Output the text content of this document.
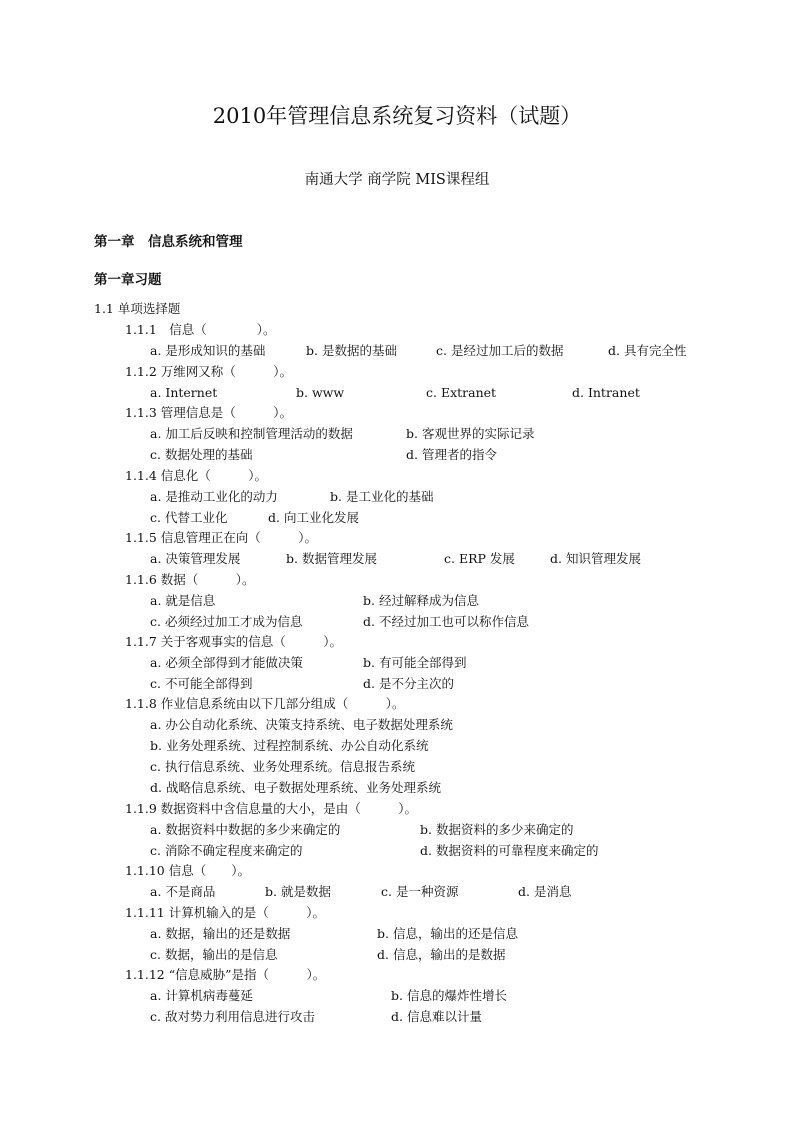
2010年管理信息系统复习资料（试题）
南通大学 商学院 MIS课程组
第一章　信息系统和管理
第一章习题
1.1 单项选择题
1.1.1　信息（　　　　）。
a. 是形成知识的基础	b. 是数据的基础	c. 是经过加工后的数据	d. 具有完全性
1.1.2 万维网又称（　　　）。
a. Internet	b. www	c. Extranet	d. Intranet
1.1.3 管理信息是（　　　）。
a. 加工后反映和控制管理活动的数据	b. 客观世界的实际记录
c. 数据处理的基础	d. 管理者的指令
1.1.4 信息化（　　　）。
a. 是推动工业化的动力	b. 是工业化的基础
c. 代替工业化	d. 向工业化发展
1.1.5 信息管理正在向（　　　）。
a. 决策管理发展	b. 数据管理发展	c. ERP 发展	d. 知识管理发展
1.1.6 数据（　　　）。
a. 就是信息	b. 经过解释成为信息
c. 必须经过加工才成为信息	d. 不经过加工也可以称作信息
1.1.7 关于客观事实的信息（　　　）。
a. 必须全部得到才能做决策	b. 有可能全部得到
c. 不可能全部得到	d. 是不分主次的
1.1.8 作业信息系统由以下几部分组成（　　　）。
a. 办公自动化系统、决策支持系统、电子数据处理系统
b. 业务处理系统、过程控制系统、办公自动化系统
c. 执行信息系统、业务处理系统。信息报告系统
d. 战略信息系统、电子数据处理系统、业务处理系统
1.1.9 数据资料中含信息量的大小，是由（　　　）。
a. 数据资料中数据的多少来确定的	b. 数据资料的多少来确定的
c. 消除不确定程度来确定的	d. 数据资料的可靠程度来确定的
1.1.10 信息（　　）。
a. 不是商品	b. 就是数据	c. 是一种资源	d. 是消息
1.1.11 计算机输入的是（　　　）。
a. 数据，输出的还是数据	b. 信息，输出的还是信息
c. 数据，输出的是信息	d. 信息，输出的是数据
1.1.12 “信息威胁”是指（　　　）。
a. 计算机病毒蔓延	b. 信息的爆炸性增长
c. 敌对势力利用信息进行攻击	d. 信息难以计量
